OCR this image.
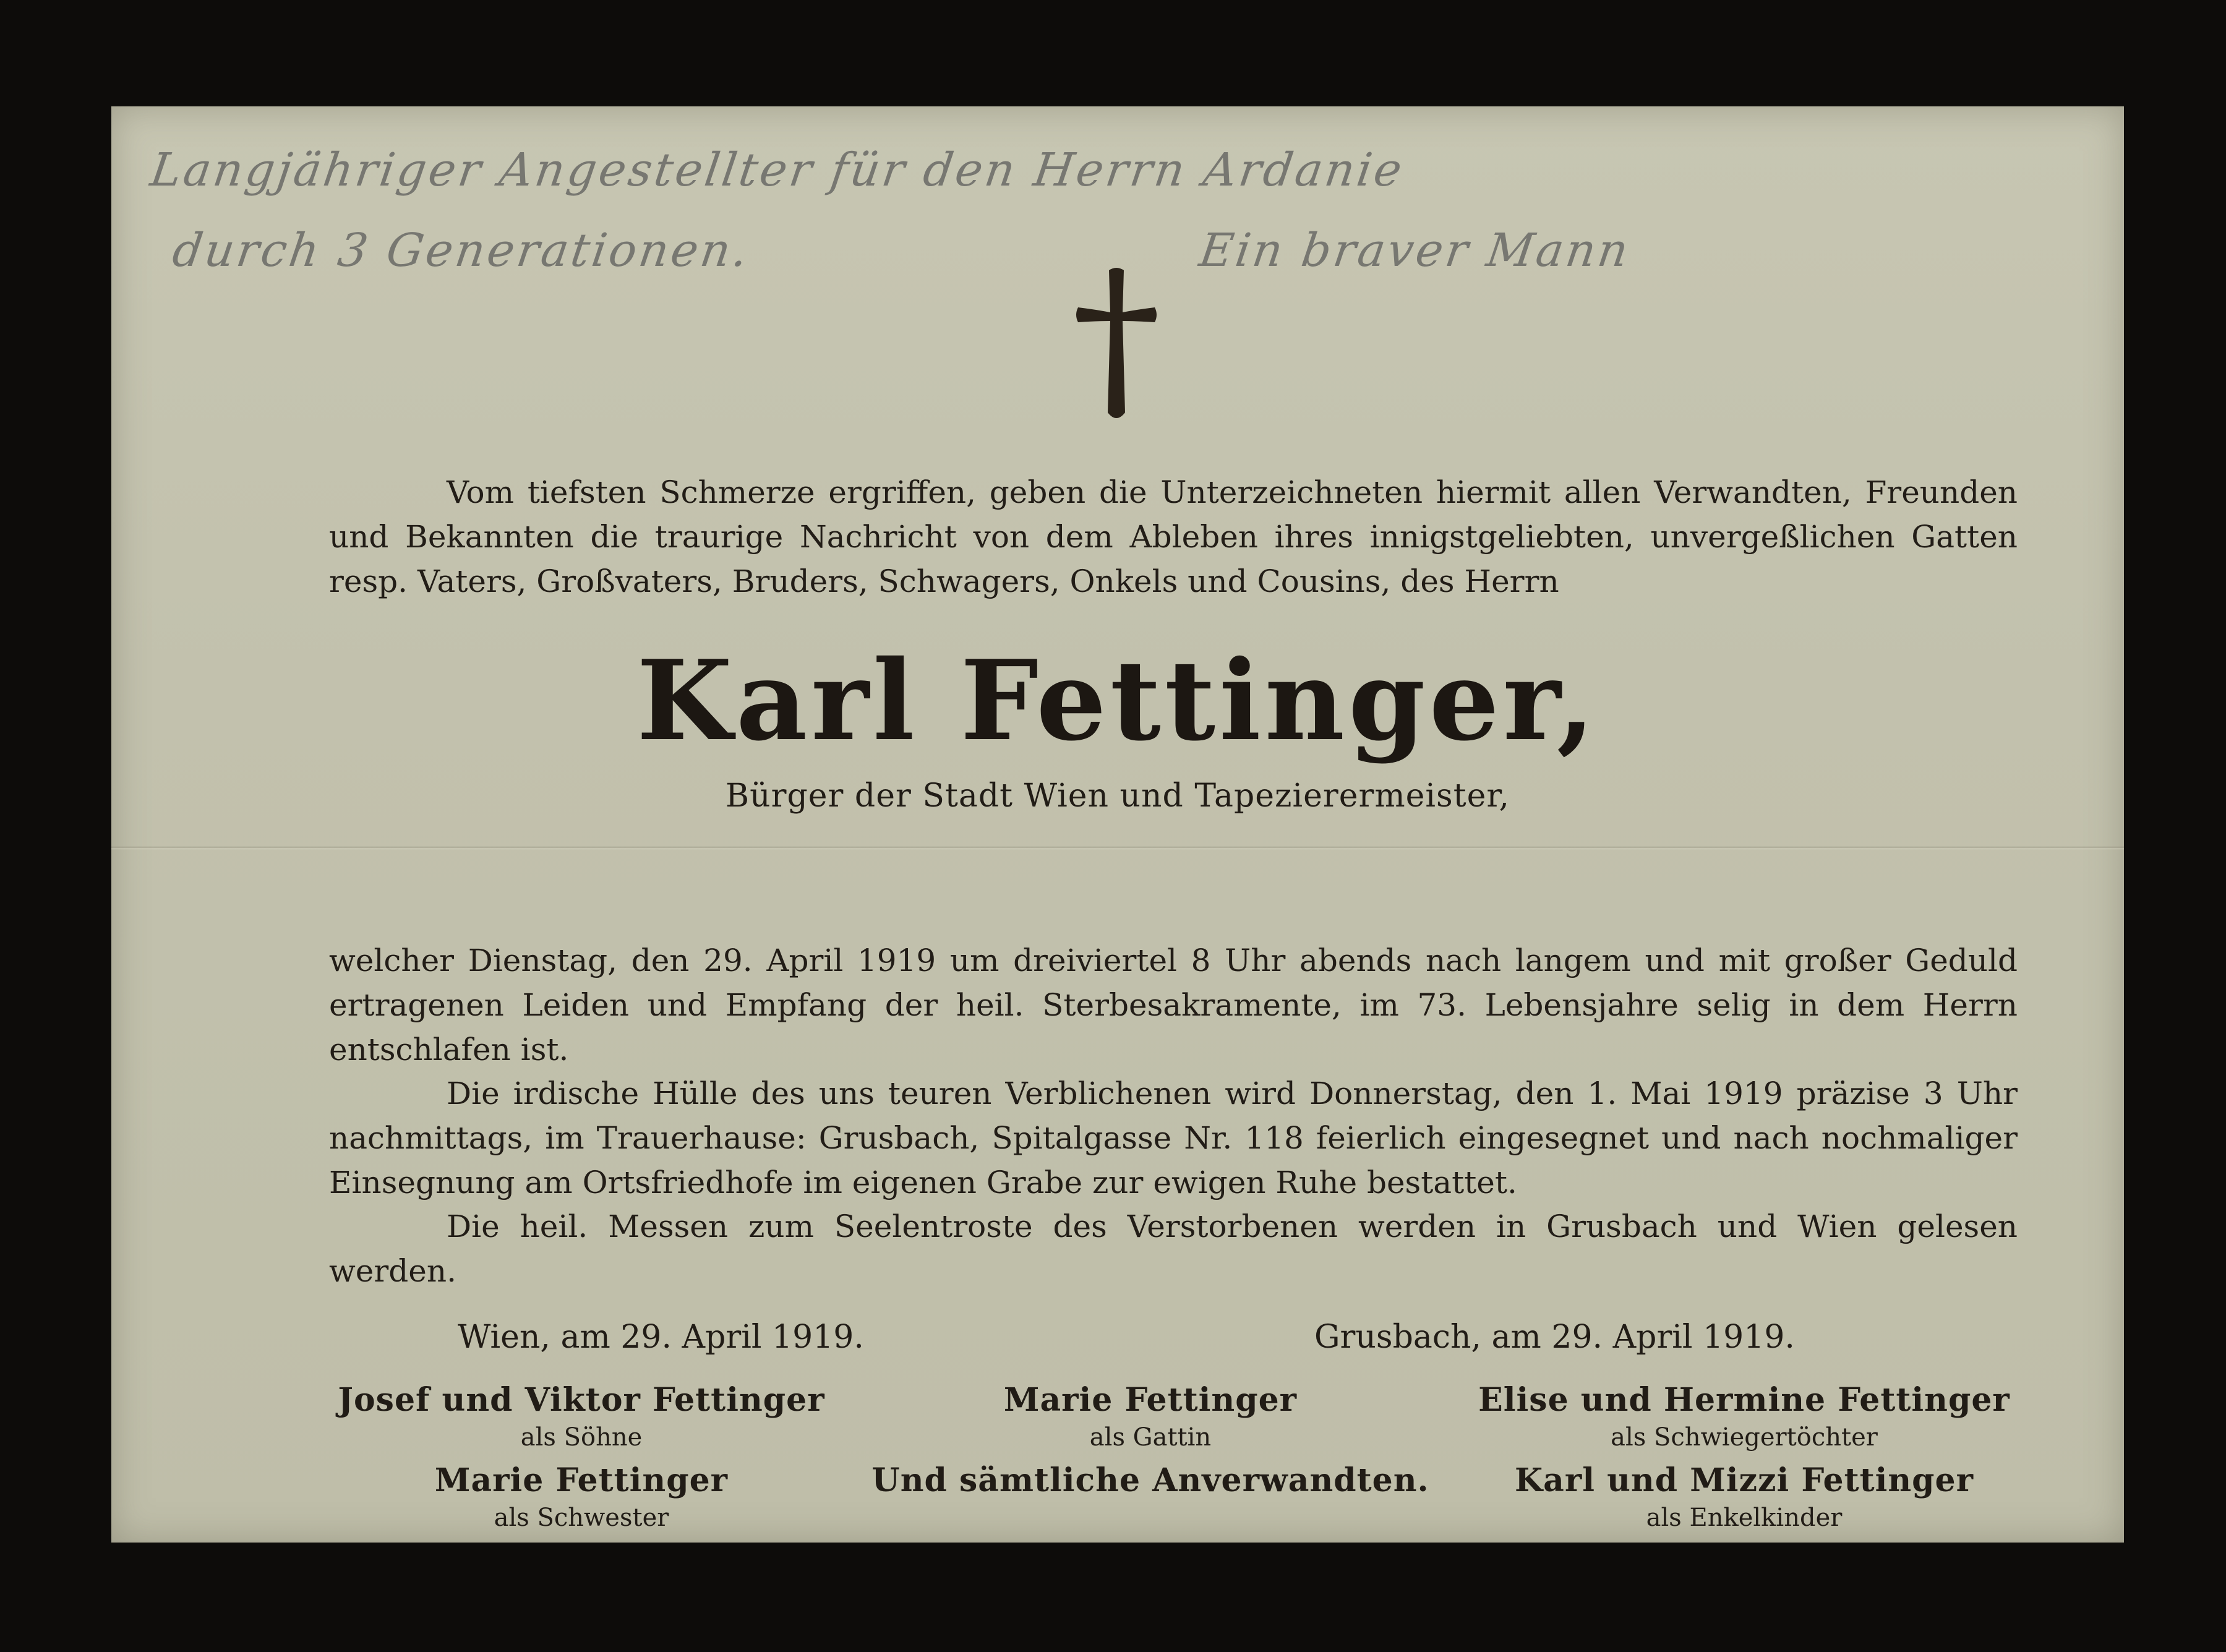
Langjähriger Angestellter für den Herrn Ardanie
durch 3 Generationen.	Ein braver Mann
Vom tiefsten Schmerze ergriffen, geben die Unterzeichneten hiermit allen Verwandten, Freunden und Bekannten die traurige Nachricht von dem Ableben ihres innigstgeliebten, unvergeßlichen Gatten resp. Vaters, Großvaters, Bruders, Schwagers, Onkels und Cousins, des Herrn
Karl Fettinger,
Bürger der Stadt Wien und Tapezierermeister,
welcher Dienstag, den 29. April 1919 um dreiviertel 8 Uhr abends nach langem und mit großer Geduld ertragenen Leiden und Empfang der heil. Sterbesakramente, im 73. Lebensjahre selig in dem Herrn entschlafen ist.
Die irdische Hülle des uns teuren Verblichenen wird Donnerstag, den 1. Mai 1919 präzise 3 Uhr nachmittags, im Trauerhause: Grusbach, Spitalgasse Nr. 118 feierlich eingesegnet und nach nochmaliger Einsegnung am Ortsfriedhofe im eigenen Grabe zur ewigen Ruhe bestattet.
Die heil. Messen zum Seelentroste des Verstorbenen werden in Grusbach und Wien gelesen werden.
Wien, am 29. April 1919.	Grusbach, am 29. April 1919.
Josef und Viktor Fettinger
als Söhne
Marie Fettinger
als Schwester
Marie Fettinger
als Gattin
Und sämtliche Anverwandten.
Elise und Hermine Fettinger
als Schwiegertöchter
Karl und Mizzi Fettinger
als Enkelkinder
